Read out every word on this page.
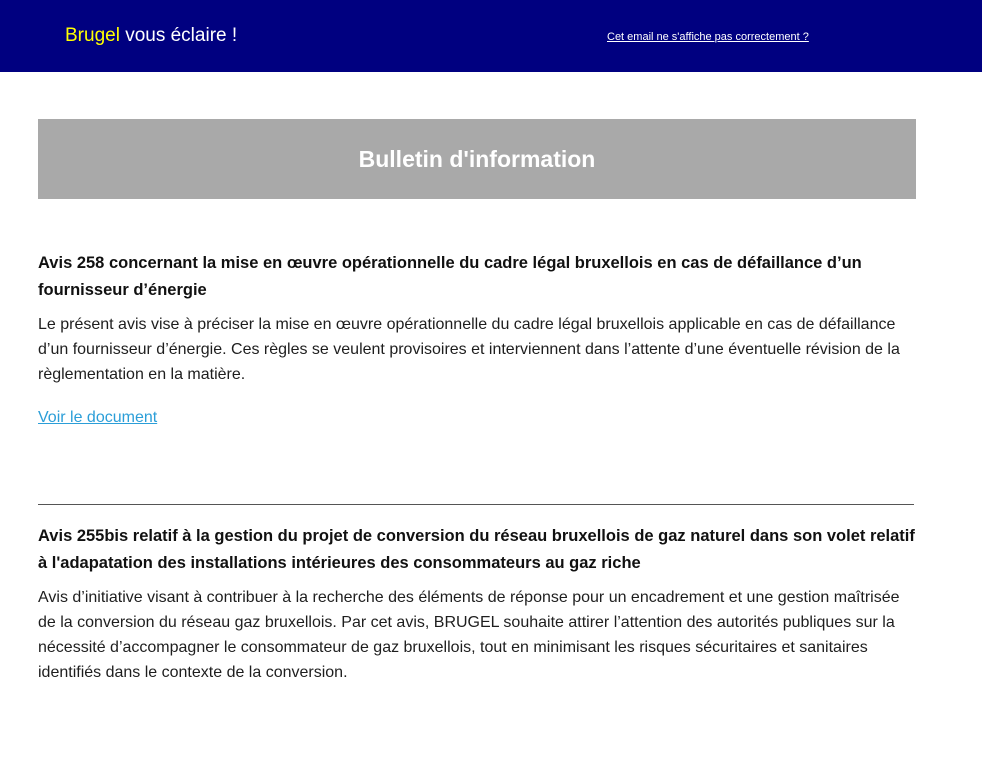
Brugel vous éclaire !	Cet email ne s'affiche pas correctement ?
Bulletin d'information
Avis 258 concernant la mise en œuvre opérationnelle du cadre légal bruxellois en cas de défaillance d’un fournisseur d’énergie

Le présent avis vise à préciser la mise en œuvre opérationnelle du cadre légal bruxellois applicable en cas de défaillance d’un fournisseur d’énergie. Ces règles se veulent provisoires et interviennent dans l’attente d’une éventuelle révision de la règlementation en la matière.

Voir le document
Avis 255bis relatif à la gestion du projet de conversion du réseau bruxellois de gaz naturel dans son volet relatif à l'adapatation des installations intérieures des consommateurs au gaz riche

Avis d’initiative visant à contribuer à la recherche des éléments de réponse pour un encadrement et une gestion maîtrisée de la conversion du réseau gaz bruxellois. Par cet avis, BRUGEL souhaite attirer l’attention des autorités publiques sur la nécessité d’accompagner le consommateur de gaz bruxellois, tout en minimisant les risques sécuritaires et sanitaires identifiés dans le contexte de la conversion.
